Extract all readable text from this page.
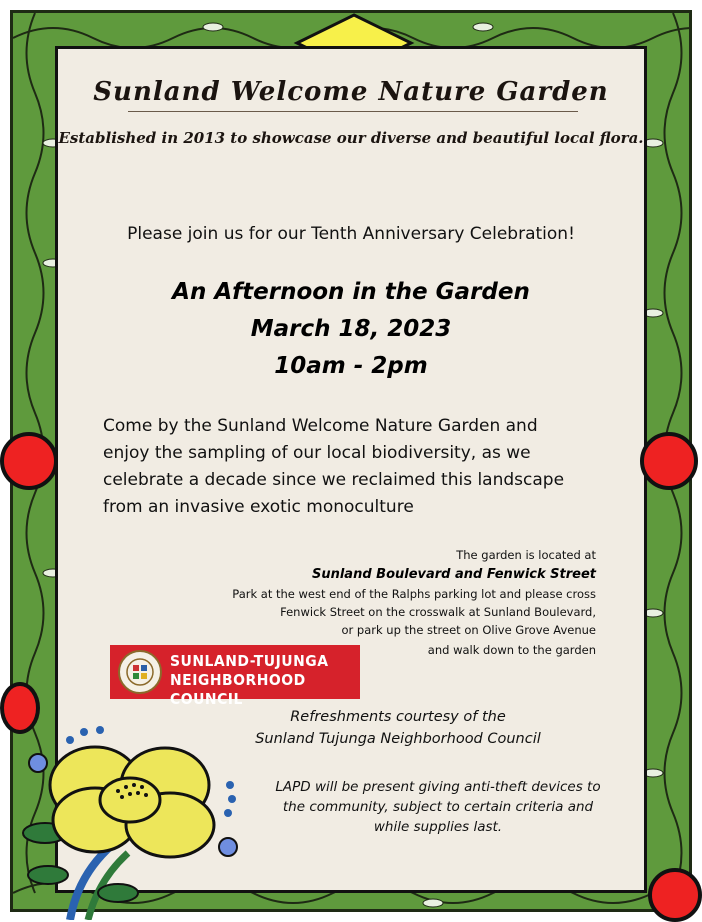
Sunland Welcome Nature Garden
Established in 2013 to showcase our diverse and beautiful local flora.
Please join us for our Tenth Anniversary Celebration!
An Afternoon in the Garden
March 18, 2023
10am - 2pm
Come by the Sunland Welcome Nature Garden and
enjoy the sampling of our local biodiversity, as we
celebrate a decade since we reclaimed this landscape
from an invasive exotic monoculture
The garden is located at
Sunland Boulevard and Fenwick Street
Park at the west end of the Ralphs parking lot and please cross
Fenwick Street on the crosswalk at Sunland Boulevard,
or park up the street on Olive Grove Avenue
and walk down to the garden
SUNLAND-TUJUNGA
NEIGHBORHOOD COUNCIL
Refreshments courtesy of the
Sunland Tujunga Neighborhood Council
LAPD will be present giving anti-theft devices to
the community, subject to certain criteria and
while supplies last.
